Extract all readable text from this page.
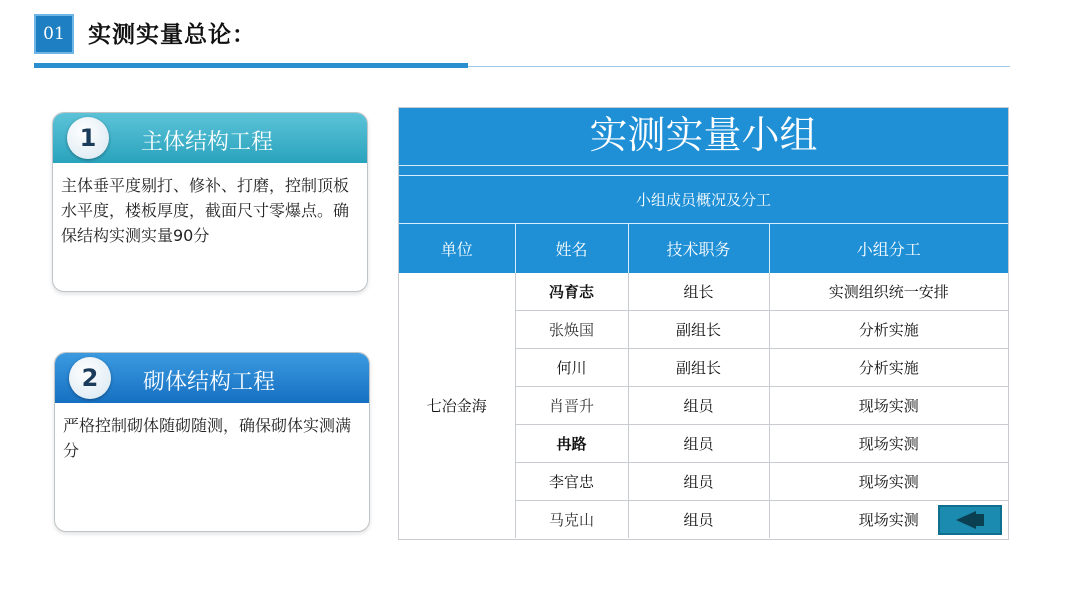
01	实测实量总论：
1	主体结构工程
主体垂平度剔打、修补、打磨，控制顶板水平度，楼板厚度，截面尺寸零爆点。确保结构实测实量90分
2	砌体结构工程
严格控制砌体随砌随测，确保砌体实测满分
实测实量小组
小组成员概况及分工
单位	姓名	技术职务	小组分工
七冶金海	冯育志	组长	实测组织统一安排
	张焕国	副组长	分析实施
	何川	副组长	分析实施
	肖晋升	组员	现场实测
	冉路	组员	现场实测
	李官忠	组员	现场实测
	马克山	组员	现场实测
